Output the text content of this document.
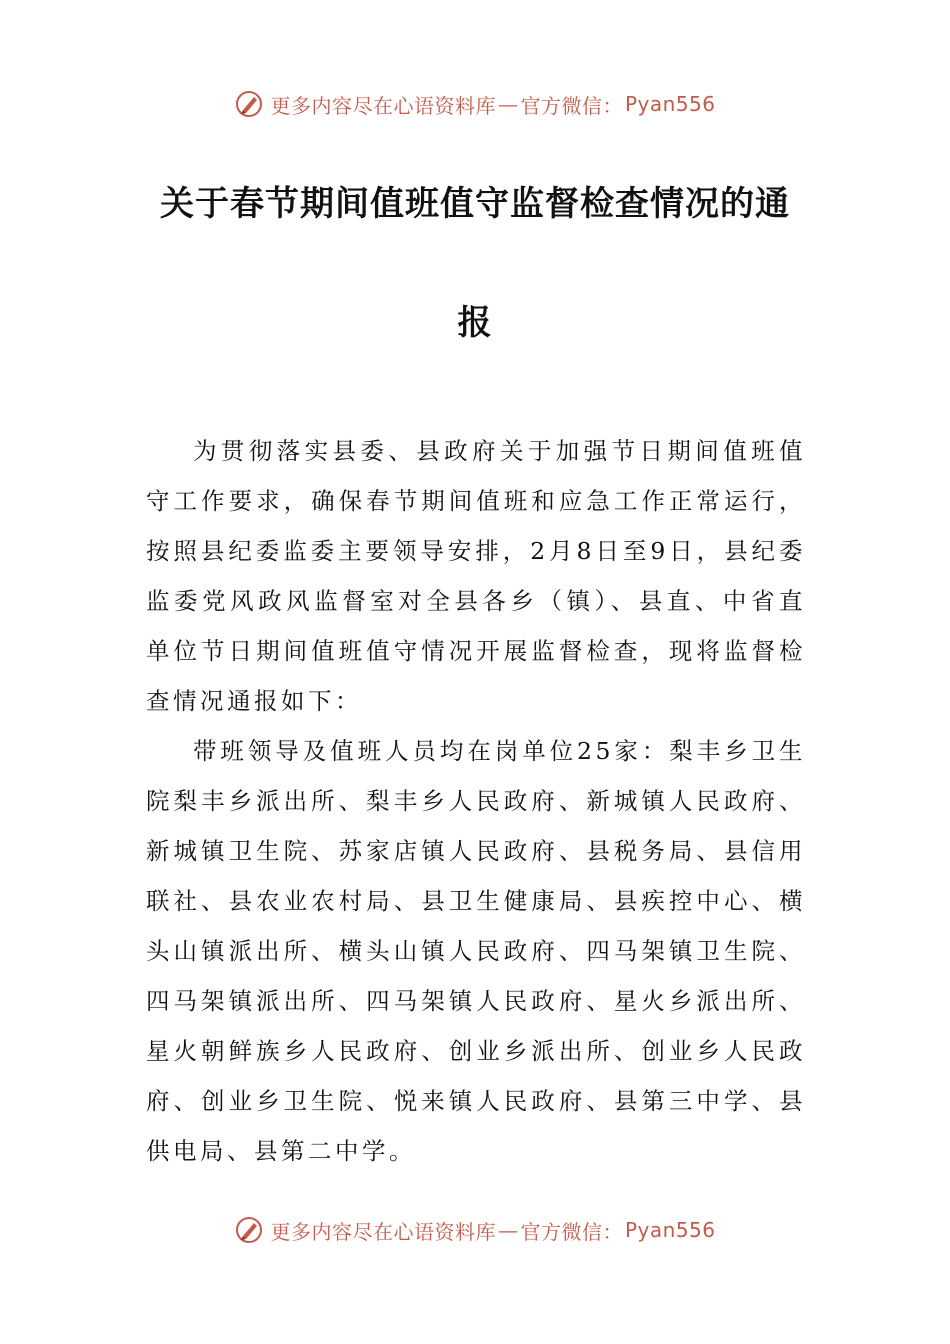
更多内容尽在心语资料库 — 官方微信： Pyan556
关于春节期间值班值守监督检查情况的通
报

为贯彻落实县委、县政府关于加强节日期间值班值守工作要求，确保春节期间值班和应急工作正常运行，按照县纪委监委主要领导安排，2月8日至9日，县纪委监委党风政风监督室对全县各乡（镇）、县直、中省直单位节日期间值班值守情况开展监督检查，现将监督检查情况通报如下：

带班领导及值班人员均在岗单位25家：梨丰乡卫生院梨丰乡派出所、梨丰乡人民政府、新城镇人民政府、新城镇卫生院、苏家店镇人民政府、县税务局、县信用联社、县农业农村局、县卫生健康局、县疾控中心、横头山镇派出所、横头山镇人民政府、四马架镇卫生院、四马架镇派出所、四马架镇人民政府、星火乡派出所、星火朝鲜族乡人民政府、创业乡派出所、创业乡人民政府、创业乡卫生院、悦来镇人民政府、县第三中学、县供电局、县第二中学。

更多内容尽在心语资料库 — 官方微信： Pyan556
